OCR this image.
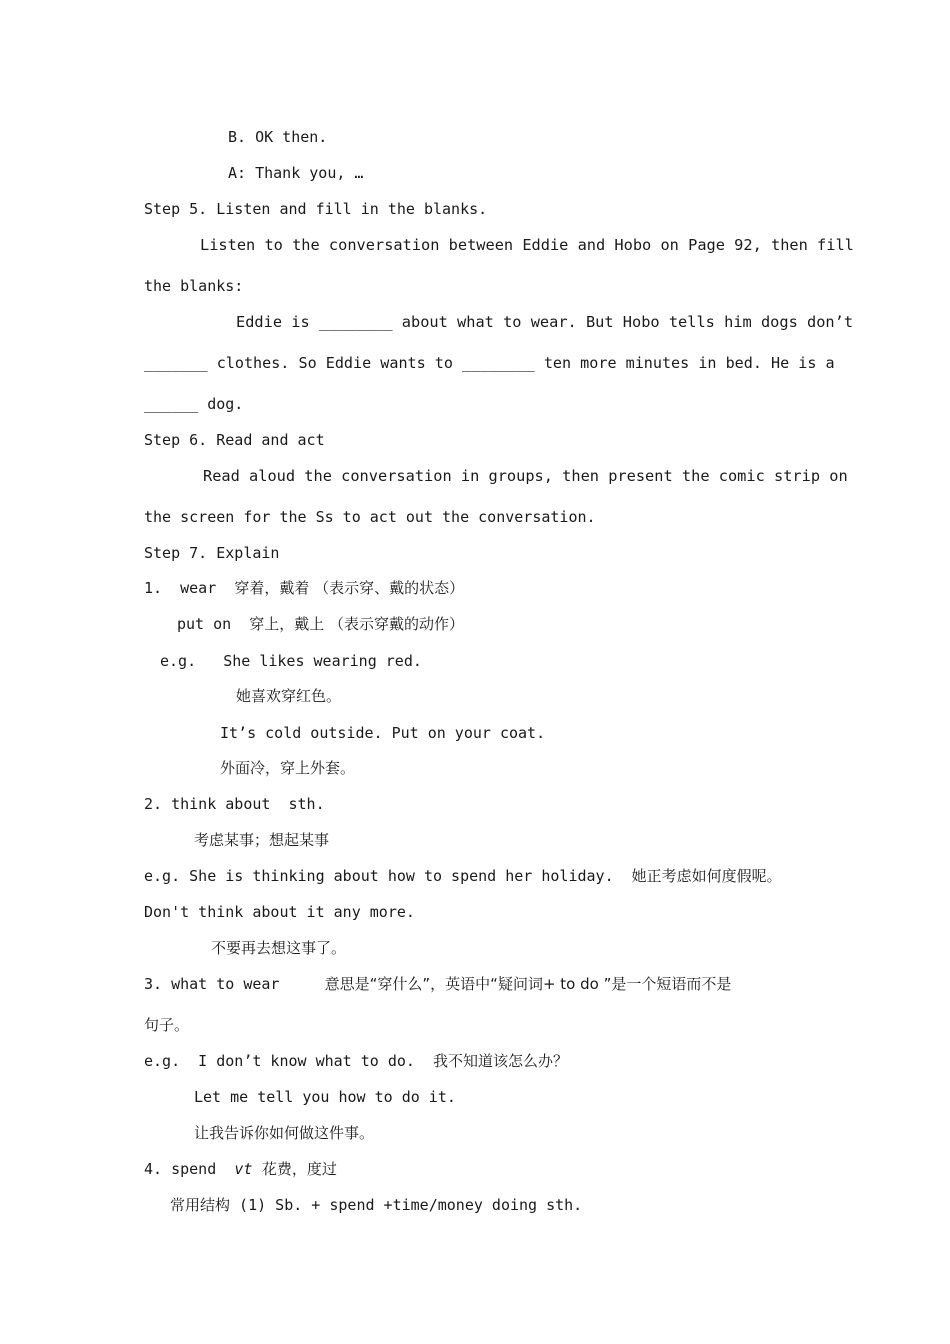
B. OK then.
A: Thank you, …
Step 5. Listen and fill in the blanks.
Listen to the conversation between Eddie and Hobo on Page 92, then fill
the blanks:
Eddie is ________ about what to wear. But Hobo tells him dogs don’t
_______ clothes. So Eddie wants to ________ ten more minutes in bed. He is a
______ dog.
Step 6. Read and act
Read aloud the conversation in groups, then present the comic strip on
the screen for the Ss to act out the conversation.
Step 7. Explain
1.  wear  穿着，戴着 （表示穿、戴的状态）
put on  穿上，戴上 （表示穿戴的动作）
e.g.   She likes wearing red.
她喜欢穿红色。
It’s cold outside. Put on your coat.
外面冷，穿上外套。
2. think about  sth.
考虑某事；想起某事
e.g. She is thinking about how to spend her holiday.  她正考虑如何度假呢。
Don't think about it any more.
不要再去想这事了。
3. what to wear     意思是“穿什么”，英语中“疑问词+ to do ”是一个短语而不是
句子。
e.g.  I don’t know what to do.  我不知道该怎么办？
Let me tell you how to do it.
让我告诉你如何做这件事。
4. spend  vt  花费，度过
常用结构 (1) Sb. + spend +time/money doing sth.
